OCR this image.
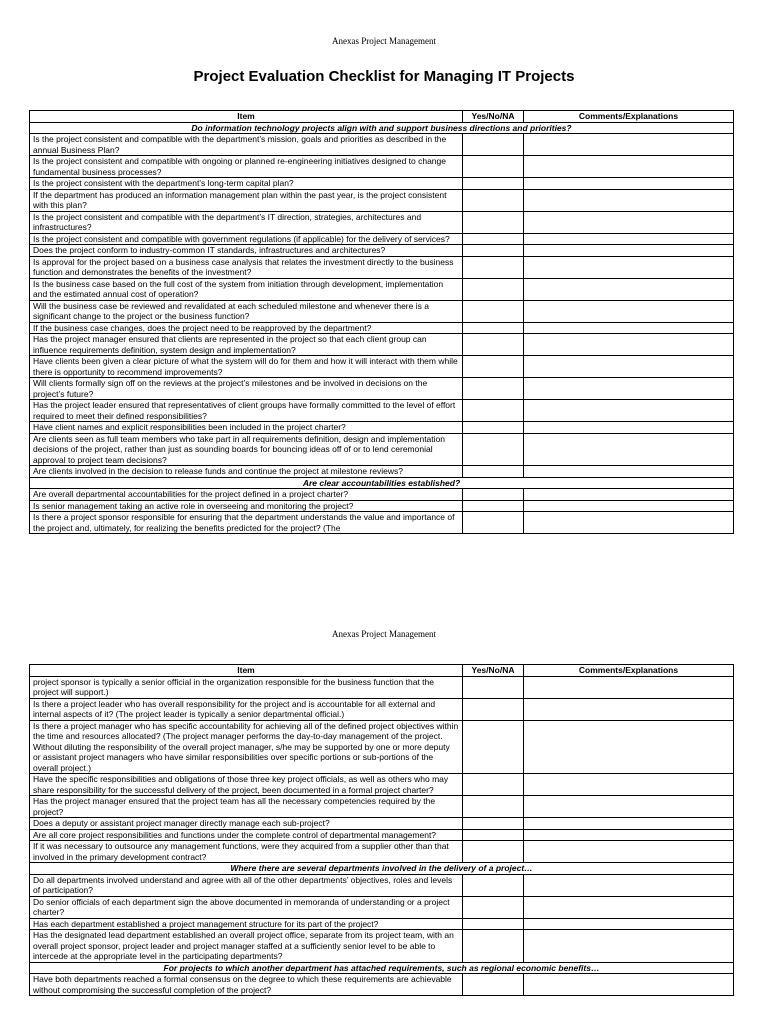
Anexas Project Management
Project Evaluation Checklist for Managing IT Projects
Item	Yes/No/NA	Comments/Explanations
Do information technology projects align with and support business directions and priorities?		
Is the project consistent and compatible with the department’s mission, goals and priorities as described in the annual Business Plan?		
Is the project consistent and compatible with ongoing or planned re-engineering initiatives designed to change fundamental business processes?		
Is the project consistent with the department’s long-term capital plan?		
If the department has produced an information management plan within the past year, is the project consistent with this plan?		
Is the project consistent and compatible with the department’s IT direction, strategies, architectures and infrastructures?		
Is the project consistent and compatible with government regulations (if applicable) for the delivery of services?		
Does the project conform to industry-common IT standards, infrastructures and architectures?		
Is approval for the project based on a business case analysis that relates the investment directly to the business function and demonstrates the benefits of the investment?		
Is the business case based on the full cost of the system from initiation through development, implementation and the estimated annual cost of operation?		
Will the business case be reviewed and revalidated at each scheduled milestone and whenever there is a significant change to the project or the business function?		
If the business case changes, does the project need to be reapproved by the department?		
Has the project manager ensured that clients are represented in the project so that each client group can influence requirements definition, system design and implementation?		
Have clients been given a clear picture of what the system will do for them and how it will interact with them while there is opportunity to recommend improvements?		
Will clients formally sign off on the reviews at the project’s milestones and be involved in decisions on the project’s future?		
Has the project leader ensured that representatives of client groups have formally committed to the level of effort required to meet their defined responsibilities?		
Have client names and explicit responsibilities been included in the project charter?		
Are clients seen as full team members who take part in all requirements definition, design and implementation decisions of the project, rather than just as sounding boards for bouncing ideas off of or to lend ceremonial approval to project team decisions?		
Are clients involved in the decision to release funds and continue the project at milestone reviews?		
Are clear accountabilities established?		
Are overall departmental accountabilities for the project defined in a project charter?		
Is senior management taking an active role in overseeing and monitoring the project?		
Is there a project sponsor responsible for ensuring that the department understands the value and importance of the project and, ultimately, for realizing the benefits predicted for the project? (The		
Anexas Project Management
Item	Yes/No/NA	Comments/Explanations
project sponsor is typically a senior official in the organization responsible for the business function that the project will support.)		
Is there a project leader who has overall responsibility for the project and is accountable for all external and internal aspects of it? (The project leader is typically a senior departmental official.)		
Is there a project manager who has specific accountability for achieving all of the defined project objectives within the time and resources allocated? (The project manager performs the day-to-day management of the project. Without diluting the responsibility of the overall project manager, s/he may be supported by one or more deputy or assistant project managers who have similar responsibilities over specific portions or sub-portions of the overall project.)		
Have the specific responsibilities and obligations of those three key project officials, as well as others who may share responsibility for the successful delivery of the project, been documented in a formal project charter?		
Has the project manager ensured that the project team has all the necessary competencies required by the project?		
Does a deputy or assistant project manager directly manage each sub-project?		
Are all core project responsibilities and functions under the complete control of departmental management?		
If it was necessary to outsource any management functions, were they acquired from a supplier other than that involved in the primary development contract?		
Where there are several departments involved in the delivery of a project…		
Do all departments involved understand and agree with all of the other departments’ objectives, roles and levels of participation?		
Do senior officials of each department sign the above documented in memoranda of understanding or a project charter?		
Has each department established a project management structure for its part of the project?		
Has the designated lead department established an overall project office, separate from its project team, with an overall project sponsor, project leader and project manager staffed at a sufficiently senior level to be able to intercede at the appropriate level in the participating departments?		
For projects to which another department has attached requirements, such as regional economic benefits…		
Have both departments reached a formal consensus on the degree to which these requirements are achievable without compromising the successful completion of the project?		
